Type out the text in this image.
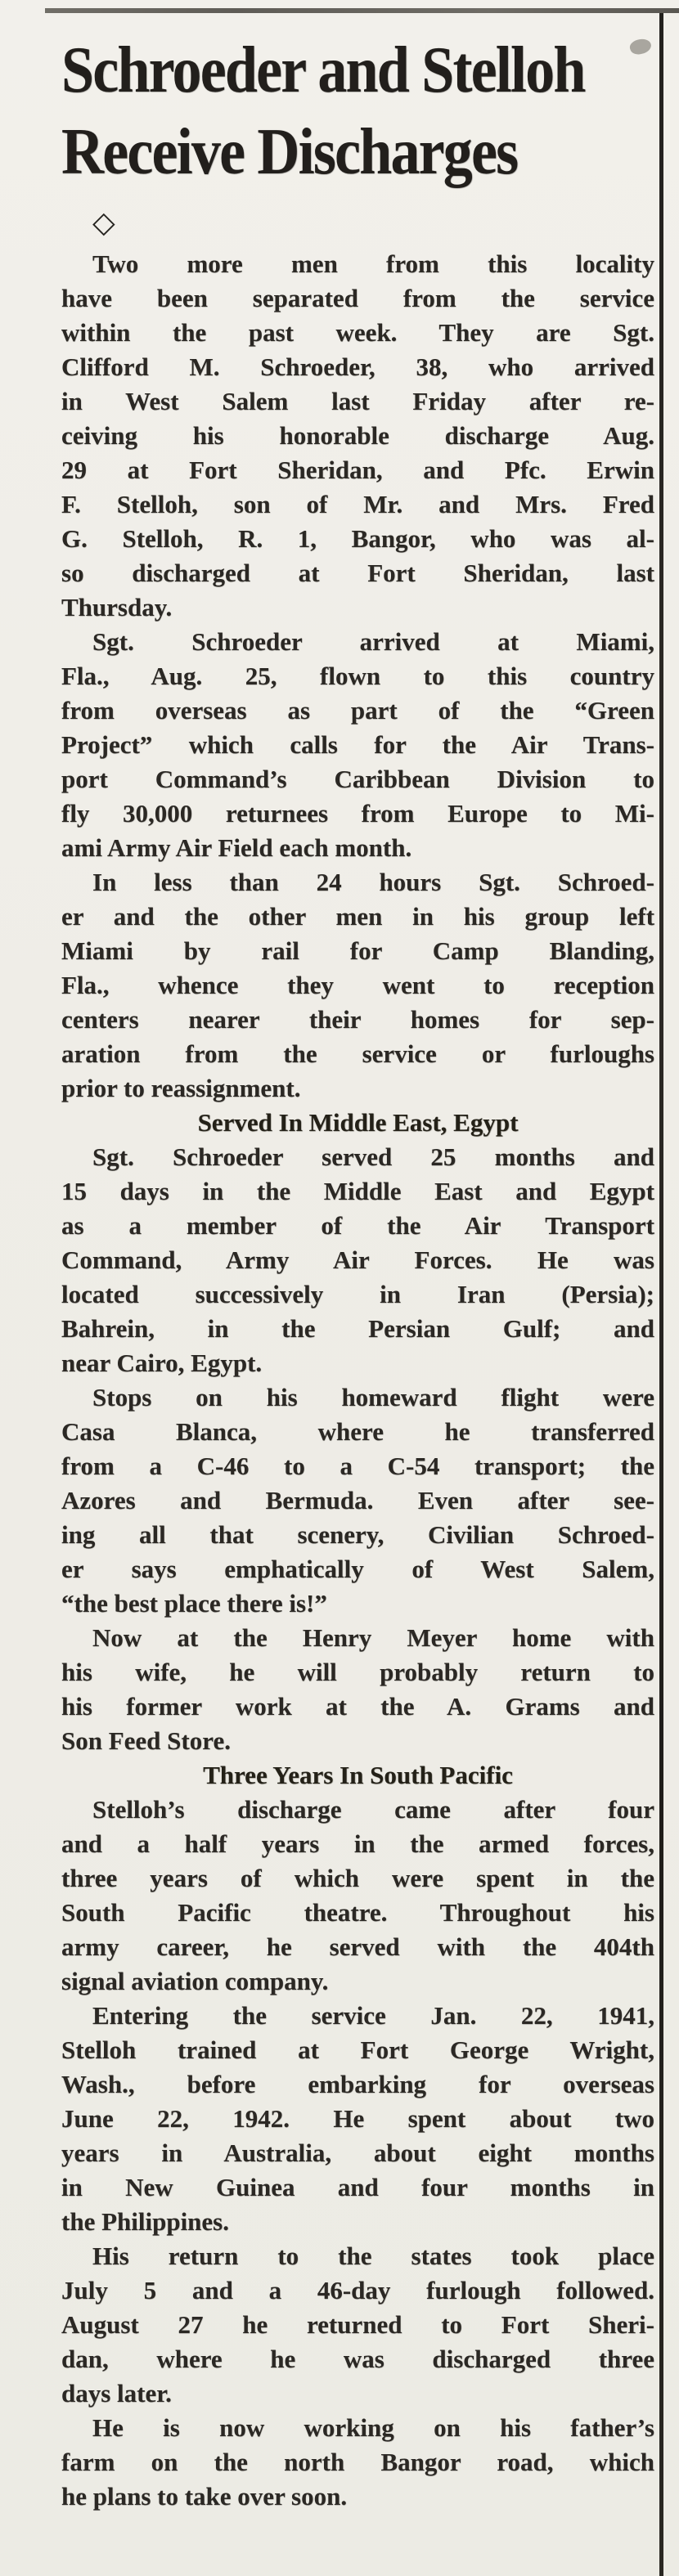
Schroeder and Stelloh
Receive Discharges
◇
Two more men from this locality
have been separated from the service
within the past week. They are Sgt.
Clifford M. Schroeder, 38, who arrived
in West Salem last Friday after re-
ceiving his honorable discharge Aug.
29 at Fort Sheridan, and Pfc. Erwin
F. Stelloh, son of Mr. and Mrs. Fred
G. Stelloh, R. 1, Bangor, who was al-
so discharged at Fort Sheridan, last
Thursday.
Sgt. Schroeder arrived at Miami,
Fla., Aug. 25, flown to this country
from overseas as part of the “Green
Project” which calls for the Air Trans-
port Command’s Caribbean Division to
fly 30,000 returnees from Europe to Mi-
ami Army Air Field each month.
In less than 24 hours Sgt. Schroed-
er and the other men in his group left
Miami by rail for Camp Blanding,
Fla., whence they went to reception
centers nearer their homes for sep-
aration from the service or furloughs
prior to reassignment.
Served In Middle East, Egypt
Sgt. Schroeder served 25 months and
15 days in the Middle East and Egypt
as a member of the Air Transport
Command, Army Air Forces. He was
located successively in Iran (Persia);
Bahrein, in the Persian Gulf; and
near Cairo, Egypt.
Stops on his homeward flight were
Casa Blanca, where he transferred
from a C-46 to a C-54 transport; the
Azores and Bermuda. Even after see-
ing all that scenery, Civilian Schroed-
er says emphatically of West Salem,
“the best place there is!”
Now at the Henry Meyer home with
his wife, he will probably return to
his former work at the A. Grams and
Son Feed Store.
Three Years In South Pacific
Stelloh’s discharge came after four
and a half years in the armed forces,
three years of which were spent in the
South Pacific theatre. Throughout his
army career, he served with the 404th
signal aviation company.
Entering the service Jan. 22, 1941,
Stelloh trained at Fort George Wright,
Wash., before embarking for overseas
June 22, 1942. He spent about two
years in Australia, about eight months
in New Guinea and four months in
the Philippines.
His return to the states took place
July 5 and a 46-day furlough followed.
August 27 he returned to Fort Sheri-
dan, where he was discharged three
days later.
He is now working on his father’s
farm on the north Bangor road, which
he plans to take over soon.
